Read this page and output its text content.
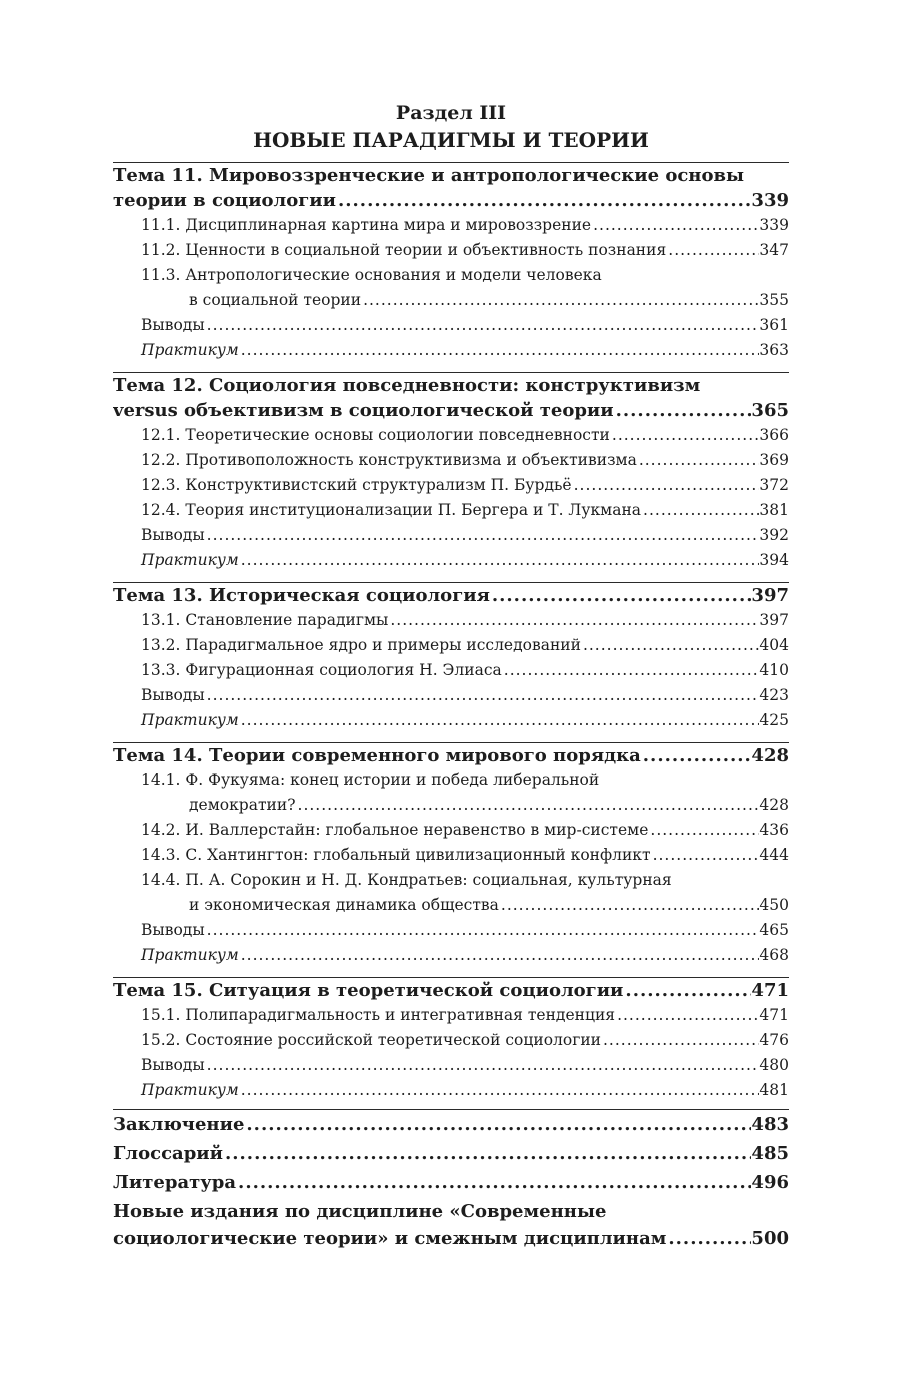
Раздел III
НОВЫЕ ПАРАДИГМЫ И ТЕОРИИ
Тема 11. Мировоззренческие и антропологические основы
теории в социологии .....	339
11.1. Дисциплинарная картина мира и мировоззрение .....	339
11.2. Ценности в социальной теории и объективность познания .....	347
11.3. Антропологические основания и модели человека
в социальной теории .....	355
Выводы .....	361
Практикум .....	363
Тема 12. Социология повседневности: конструктивизм
versus объективизм в социологической теории .....	365
12.1. Теоретические основы социологии повседневности .....	366
12.2. Противоположность конструктивизма и объективизма .....	369
12.3. Конструктивистский структурализм П. Бурдьё .....	372
12.4. Теория институционализации П. Бергера и Т. Лукмана .....	381
Выводы .....	392
Практикум .....	394
Тема 13. Историческая социология .....	397
13.1. Становление парадигмы .....	397
13.2. Парадигмальное ядро и примеры исследований .....	404
13.3. Фигурационная социология Н. Элиаса .....	410
Выводы .....	423
Практикум .....	425
Тема 14. Теории современного мирового порядка .....	428
14.1. Ф. Фукуяма: конец истории и победа либеральной
демократии? .....	428
14.2. И. Валлерстайн: глобальное неравенство в мир-системе .....	436
14.3. С. Хантингтон: глобальный цивилизационный конфликт .....	444
14.4. П. А. Сорокин и Н. Д. Кондратьев: социальная, культурная
и экономическая динамика общества .....	450
Выводы .....	465
Практикум .....	468
Тема 15. Ситуация в теоретической социологии .....	471
15.1. Полипарадигмальность и интегративная тенденция .....	471
15.2. Состояние российской теоретической социологии .....	476
Выводы .....	480
Практикум .....	481
Заключение .....	483
Глоссарий .....	485
Литература .....	496
Новые издания по дисциплине «Современные
социологические теории» и смежным дисциплинам .....	500
